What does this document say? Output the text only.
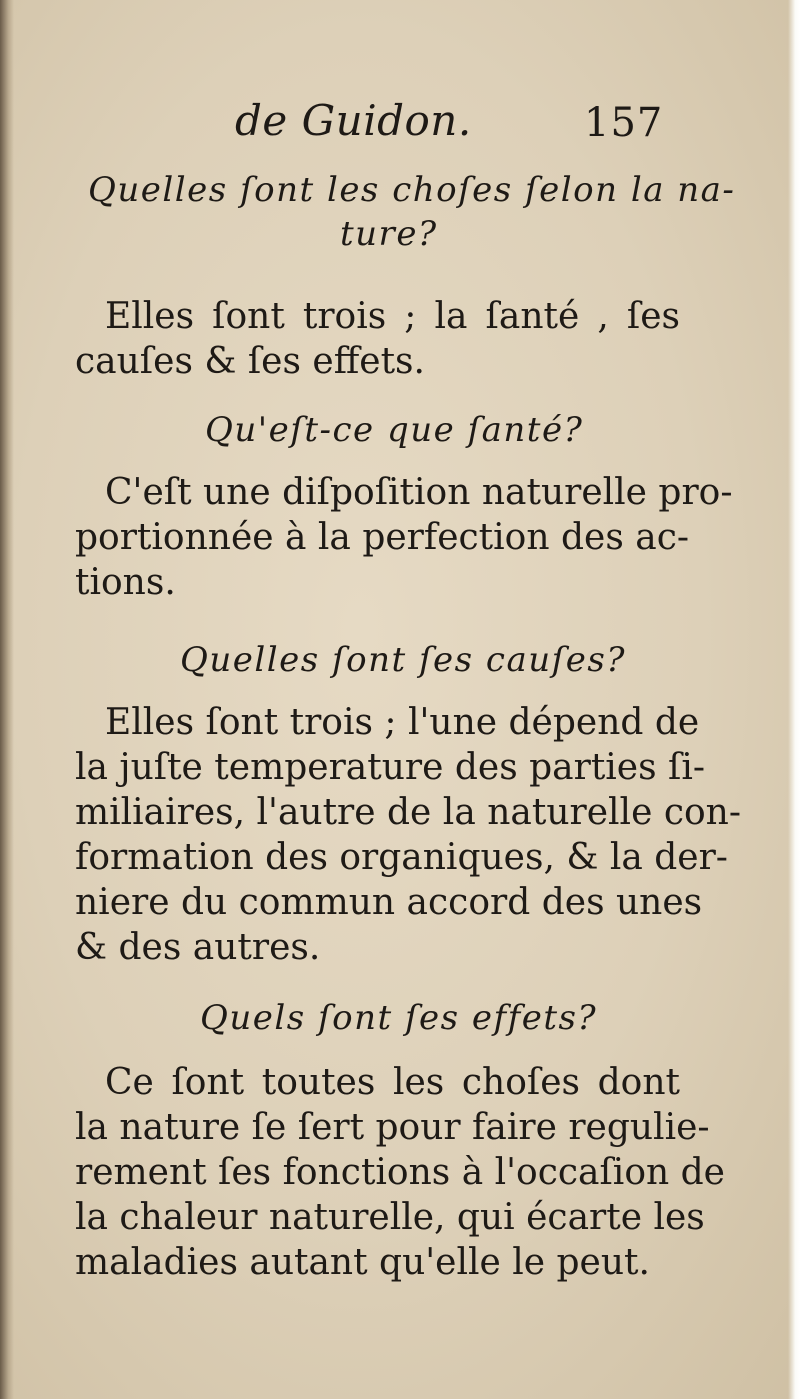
de Guidon.	157
Quelles ſont les choſes ſelon la na-
ture?
Elles ſont trois ; la ſanté , ſes
cauſes & ſes effets.
Qu'eſt-ce que ſanté?
C'eſt une diſpoſition naturelle pro-
portionnée à la perfection des ac-
tions.
Quelles ſont ſes cauſes?
Elles ſont trois ; l'une dépend de
la juſte temperature des parties ſi-
miliaires, l'autre de la naturelle con-
formation des organiques, & la der-
niere du commun accord des unes
& des autres.
Quels ſont ſes effets?
Ce ſont toutes les choſes dont
la nature ſe ſert pour faire regulie-
rement ſes fonctions à l'occaſion de
la chaleur naturelle, qui écarte les
maladies autant qu'elle le peut.
